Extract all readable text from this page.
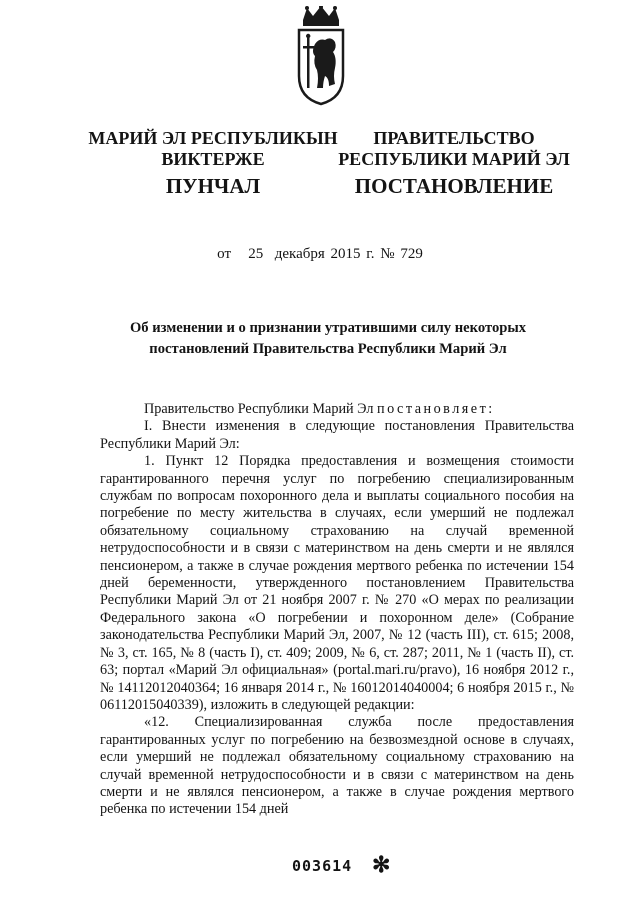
МАРИЙ ЭЛ РЕСПУБЛИКЫН
ВИКТЕРЖЕ
ПРАВИТЕЛЬСТВО
РЕСПУБЛИКИ МАРИЙ ЭЛ
ПУНЧАЛ	ПОСТАНОВЛЕНИЕ
от   25  декабря 2015 г. № 729
Об изменении и о признании утратившими силу некоторых
постановлений Правительства Республики Марий Эл

Правительство Республики Марий Эл постановляет:

I. Внести изменения в следующие постановления Правительства Республики Марий Эл:

1. Пункт 12 Порядка предоставления и возмещения стоимости гарантированного перечня услуг по погребению специализированным службам по вопросам похоронного дела и выплаты социального пособия на погребение по месту жительства в случаях, если умерший не подлежал обязательному социальному страхованию на случай временной нетрудоспособности и в связи с материнством на день смерти и не являлся пенсионером, а также в случае рождения мертвого ребенка по истечении 154 дней беременности, утвержденного постановлением Правительства Республики Марий Эл от 21 ноября 2007 г. № 270 «О мерах по реализации Федерального закона «О погребении и похоронном деле» (Собрание законодательства Республики Марий Эл, 2007, № 12 (часть III), ст. 615; 2008, № 3, ст. 165, № 8 (часть I), ст. 409; 2009, № 6, ст. 287; 2011, № 1 (часть II), ст. 63; портал «Марий Эл официальная» (portal.mari.ru/pravo), 16 ноября 2012 г., № 14112012040364; 16 января 2014 г., № 16012014040004; 6 ноября 2015 г., № 06112015040339), изложить в следующей редакции:

«12. Специализированная служба после предоставления гарантированных услуг по погребению на безвозмездной основе в случаях, если умерший не подлежал обязательному социальному страхованию на случай временной нетрудоспособности и в связи с материнством на день смерти и не являлся пенсионером, а также в случае рождения мертвого ребенка по истечении 154 дней

003614 ✻
